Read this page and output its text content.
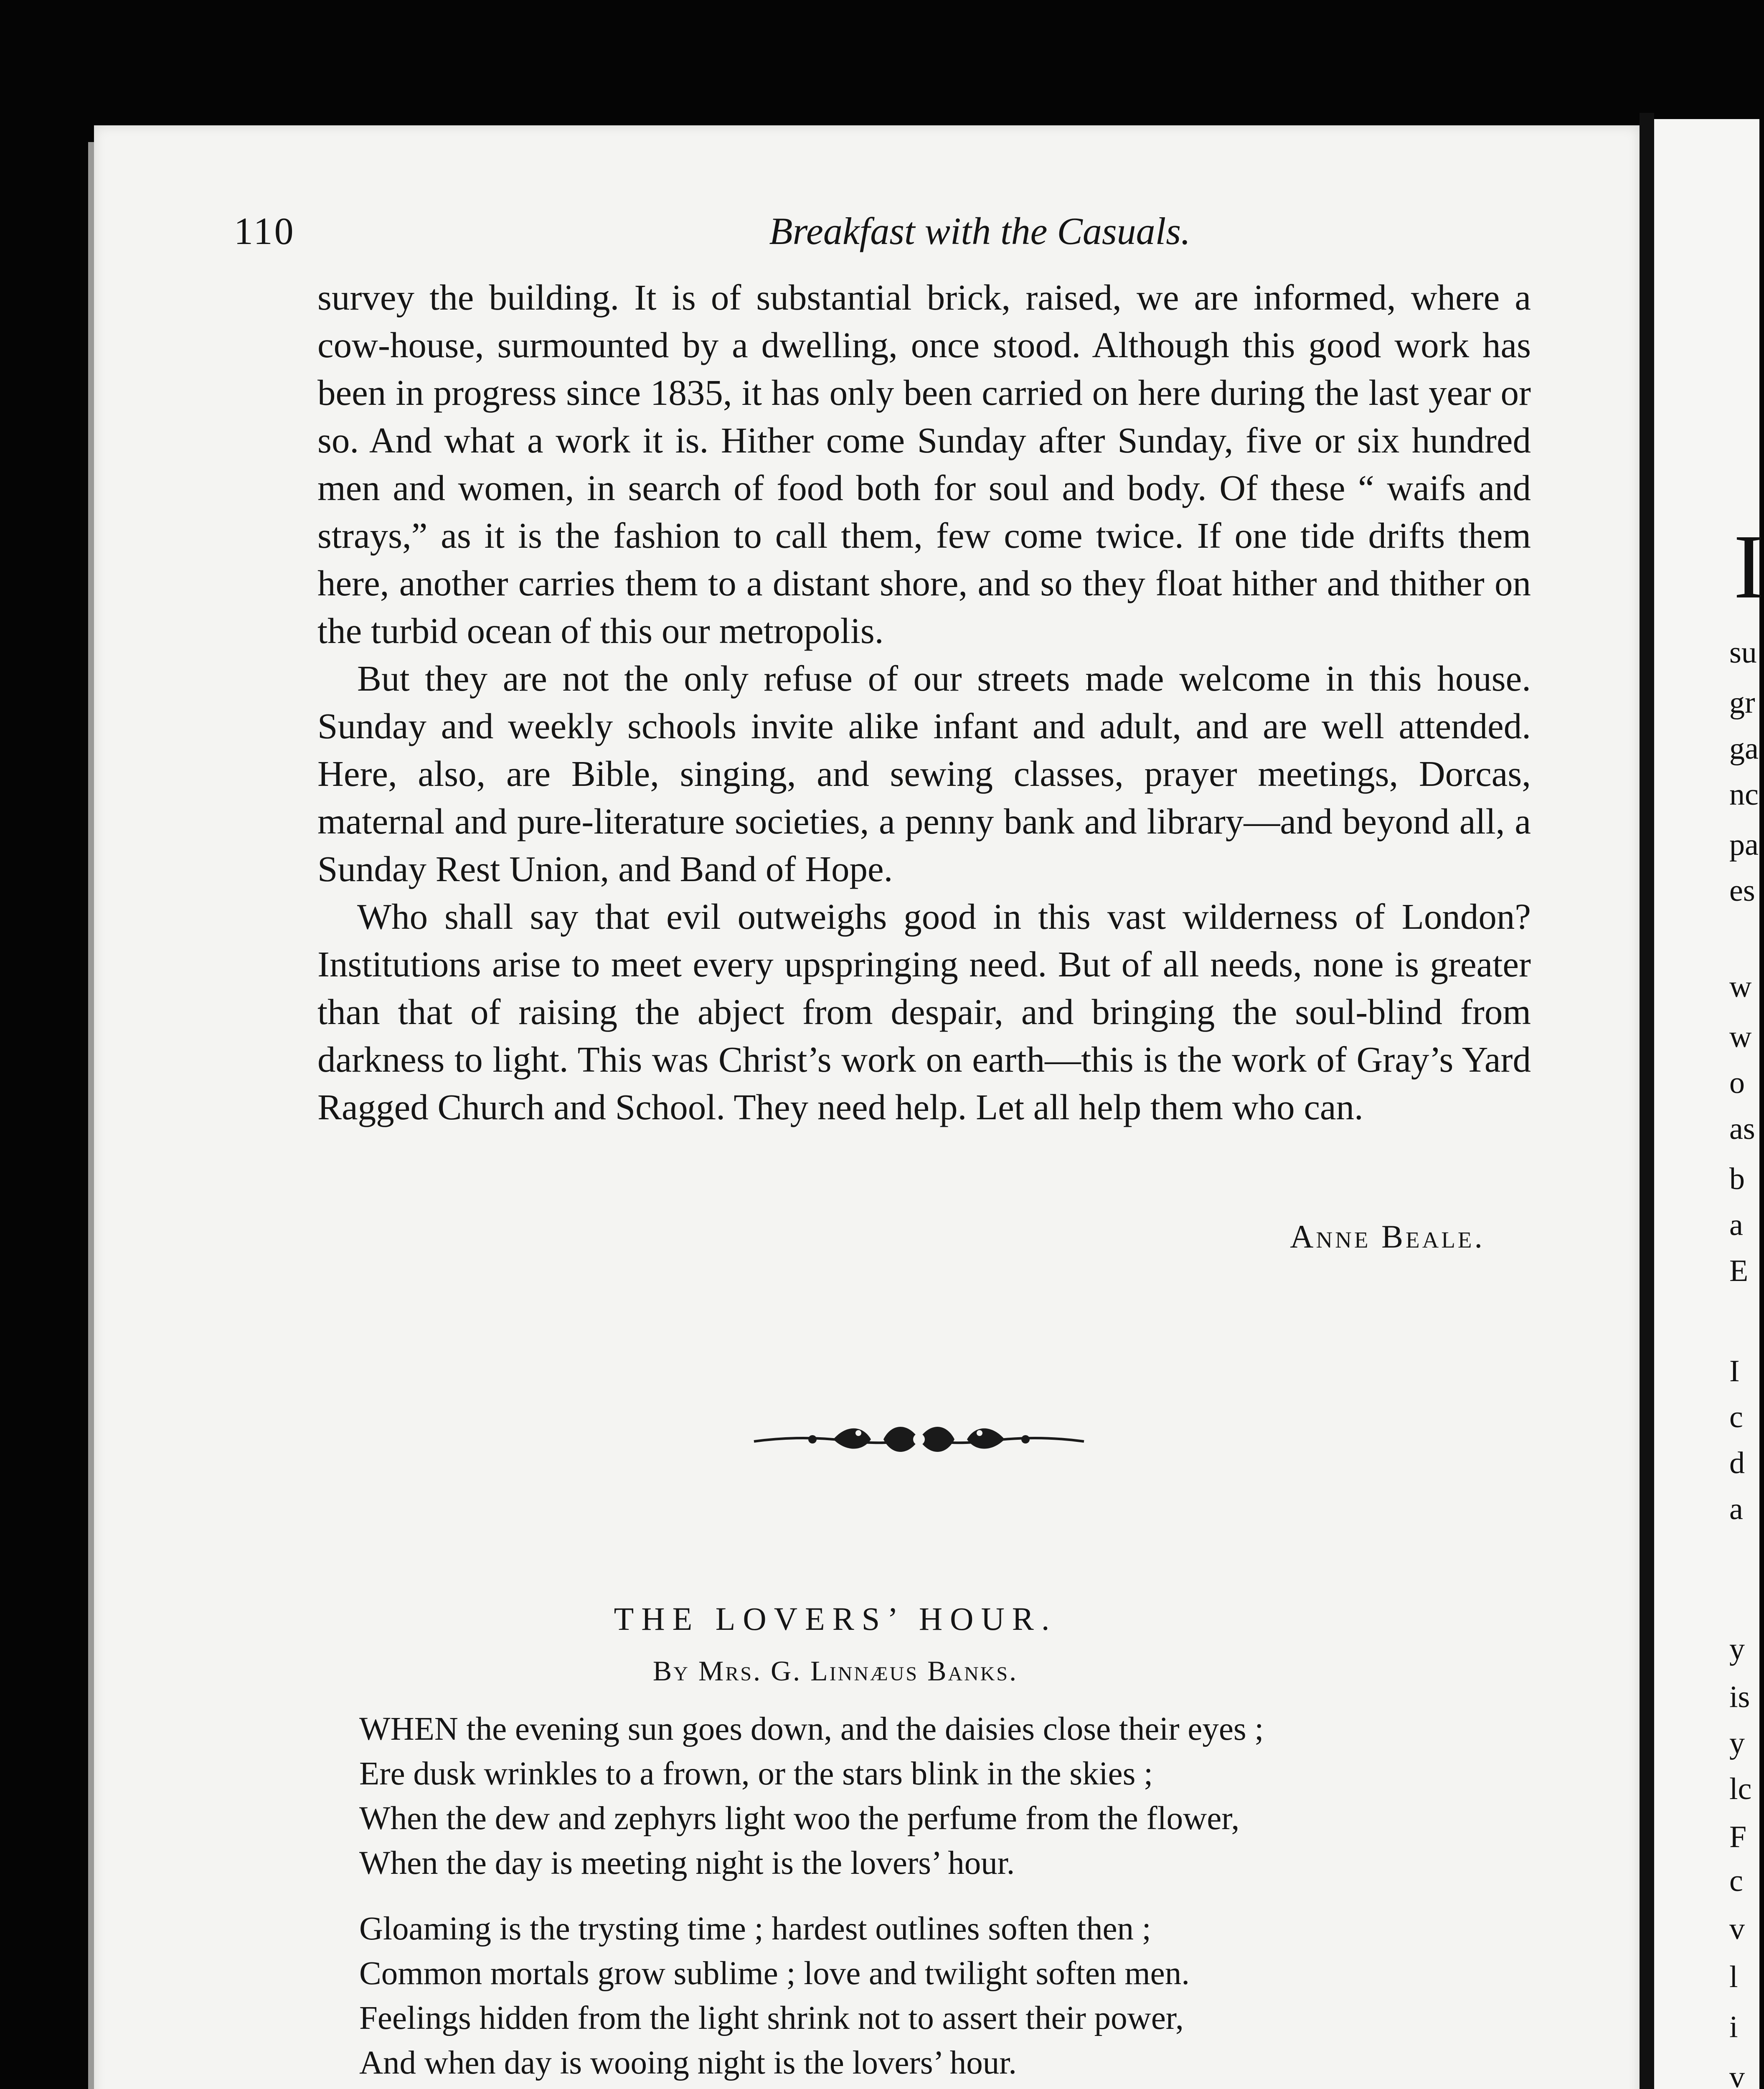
110	Breakfast with the Casuals.

survey the building. It is of substantial brick, raised, we are informed, where a cow-house, surmounted by a dwelling, once stood. Although this good work has been in progress since 1835, it has only been carried on here during the last year or so. And what a work it is. Hither come Sunday after Sunday, five or six hundred men and women, in search of food both for soul and body. Of these “ waifs and strays,” as it is the fashion to call them, few come twice. If one tide drifts them here, another carries them to a distant shore, and so they float hither and thither on the turbid ocean of this our metropolis.

But they are not the only refuse of our streets made welcome in this house. Sunday and weekly schools invite alike infant and adult, and are well attended. Here, also, are Bible, singing, and sewing classes, prayer meetings, Dorcas, maternal and pure-literature societies, a penny bank and library—and beyond all, a Sunday Rest Union, and Band of Hope.

Who shall say that evil outweighs good in this vast wilderness of London? Institutions arise to meet every upspringing need. But of all needs, none is greater than that of raising the abject from despair, and bringing the soul-blind from darkness to light. This was Christ’s work on earth—this is the work of Gray’s Yard Ragged Church and School. They need help. Let all help them who can.

Anne Beale.
THE LOVERS’ HOUR.
By Mrs. G. Linnæus Banks.
WHEN the evening sun goes down, and the daisies close their eyes ;
Ere dusk wrinkles to a frown, or the stars blink in the skies ;
When the dew and zephyrs light woo the perfume from the flower,
When the day is meeting night is the lovers’ hour.
Gloaming is the trysting time ; hardest outlines soften then ;
Common mortals grow sublime ; love and twilight soften men.
Feelings hidden from the light shrink not to assert their power,
And when day is wooing night is the lovers’ hour.
I
su
gr
ga
nc
pa
es
w
w
o
as
b
a
E
I
c
d
a
y
is
y
lc
F
c
v
l
i
v
